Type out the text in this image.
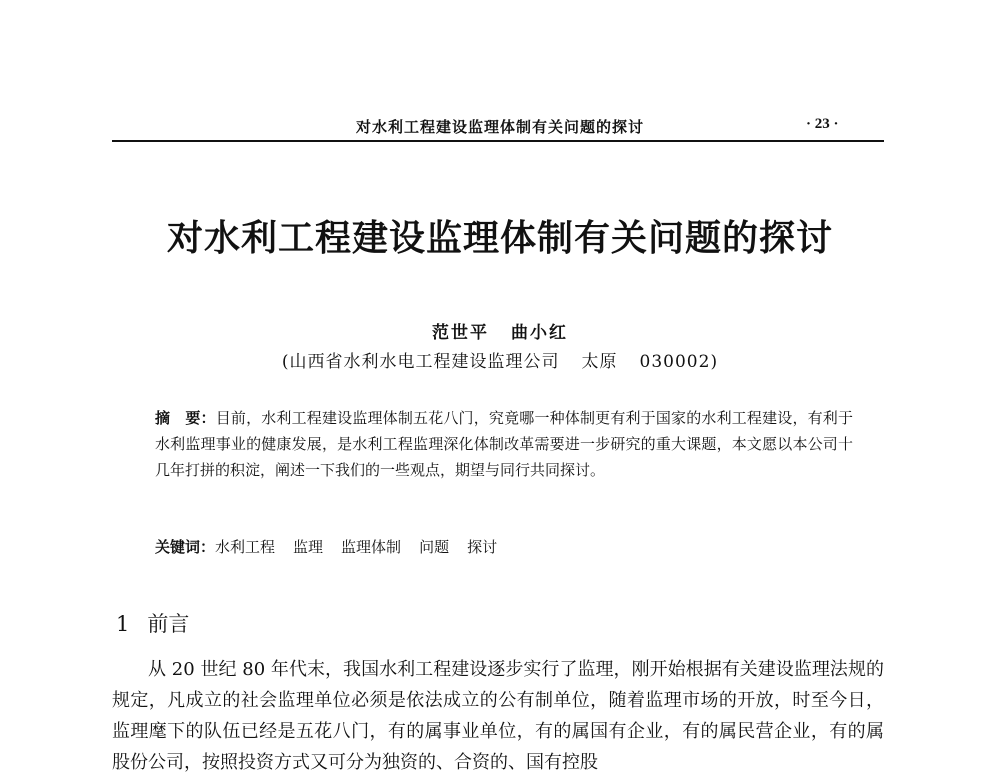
对水利工程建设监理体制有关问题的探讨	· 23 ·
对水利工程建设监理体制有关问题的探讨
范世平 曲小红
(山西省水利水电工程建设监理公司 太原 030002)
摘　要：目前，水利工程建设监理体制五花八门，究竟哪一种体制更有利于国家的水利工程建设，有利于水利监理事业的健康发展，是水利工程监理深化体制改革需要进一步研究的重大课题，本文愿以本公司十几年打拼的积淀，阐述一下我们的一些观点，期望与同行共同探讨。
关键词：水利工程 监理 监理体制 问题 探讨
1 前言
从 20 世纪 80 年代末，我国水利工程建设逐步实行了监理，刚开始根据有关建设监理法规的规定，凡成立的社会监理单位必须是依法成立的公有制单位，随着监理市场的开放，时至今日，监理麾下的队伍已经是五花八门，有的属事业单位，有的属国有企业，有的属民营企业，有的属股份公司，按照投资方式又可分为独资的、合资的、国有控股
